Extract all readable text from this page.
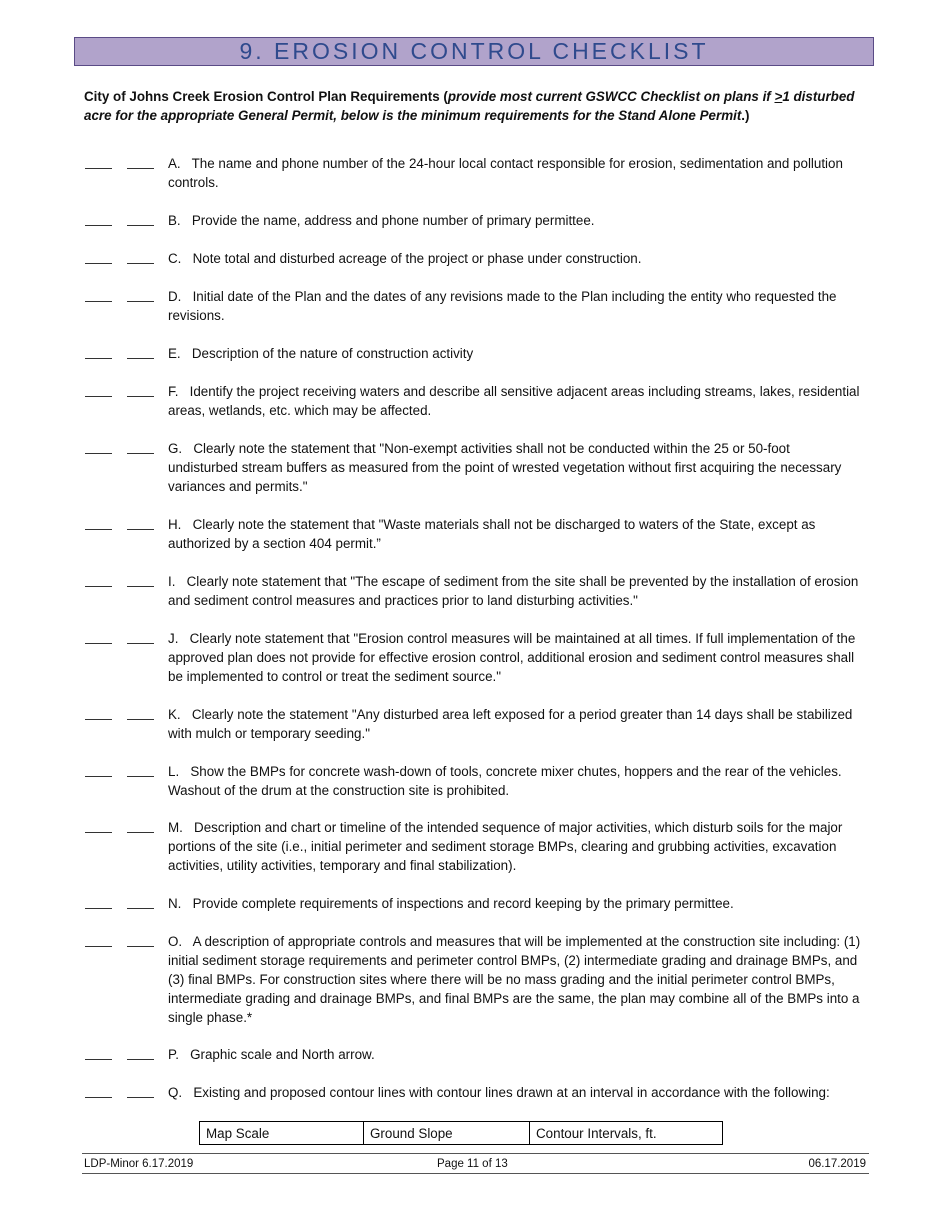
9. EROSION CONTROL CHECKLIST
City of Johns Creek Erosion Control Plan Requirements (provide most current GSWCC Checklist on plans if >1 disturbed acre for the appropriate General Permit, below is the minimum requirements for the Stand Alone Permit.)
A. The name and phone number of the 24-hour local contact responsible for erosion, sedimentation and pollution controls.
B. Provide the name, address and phone number of primary permittee.
C. Note total and disturbed acreage of the project or phase under construction.
D. Initial date of the Plan and the dates of any revisions made to the Plan including the entity who requested the revisions.
E. Description of the nature of construction activity
F. Identify the project receiving waters and describe all sensitive adjacent areas including streams, lakes, residential areas, wetlands, etc. which may be affected.
G. Clearly note the statement that "Non-exempt activities shall not be conducted within the 25 or 50-foot undisturbed stream buffers as measured from the point of wrested vegetation without first acquiring the necessary variances and permits."
H. Clearly note the statement that "Waste materials shall not be discharged to waters of the State, except as authorized by a section 404 permit.”
I. Clearly note statement that "The escape of sediment from the site shall be prevented by the installation of erosion and sediment control measures and practices prior to land disturbing activities."
J. Clearly note statement that "Erosion control measures will be maintained at all times. If full implementation of the approved plan does not provide for effective erosion control, additional erosion and sediment control measures shall be implemented to control or treat the sediment source."
K. Clearly note the statement "Any disturbed area left exposed for a period greater than 14 days shall be stabilized with mulch or temporary seeding."
L. Show the BMPs for concrete wash-down of tools, concrete mixer chutes, hoppers and the rear of the vehicles. Washout of the drum at the construction site is prohibited.
M. Description and chart or timeline of the intended sequence of major activities, which disturb soils for the major portions of the site (i.e., initial perimeter and sediment storage BMPs, clearing and grubbing activities, excavation activities, utility activities, temporary and final stabilization).
N. Provide complete requirements of inspections and record keeping by the primary permittee.
O. A description of appropriate controls and measures that will be implemented at the construction site including: (1) initial sediment storage requirements and perimeter control BMPs, (2) intermediate grading and drainage BMPs, and (3) final BMPs. For construction sites where there will be no mass grading and the initial perimeter control BMPs, intermediate grading and drainage BMPs, and final BMPs are the same, the plan may combine all of the BMPs into a single phase.*
P. Graphic scale and North arrow.
Q. Existing and proposed contour lines with contour lines drawn at an interval in accordance with the following:
Map Scale	Ground Slope	Contour Intervals, ft.
LDP-Minor 6.17.2019	Page 11 of 13	06.17.2019
